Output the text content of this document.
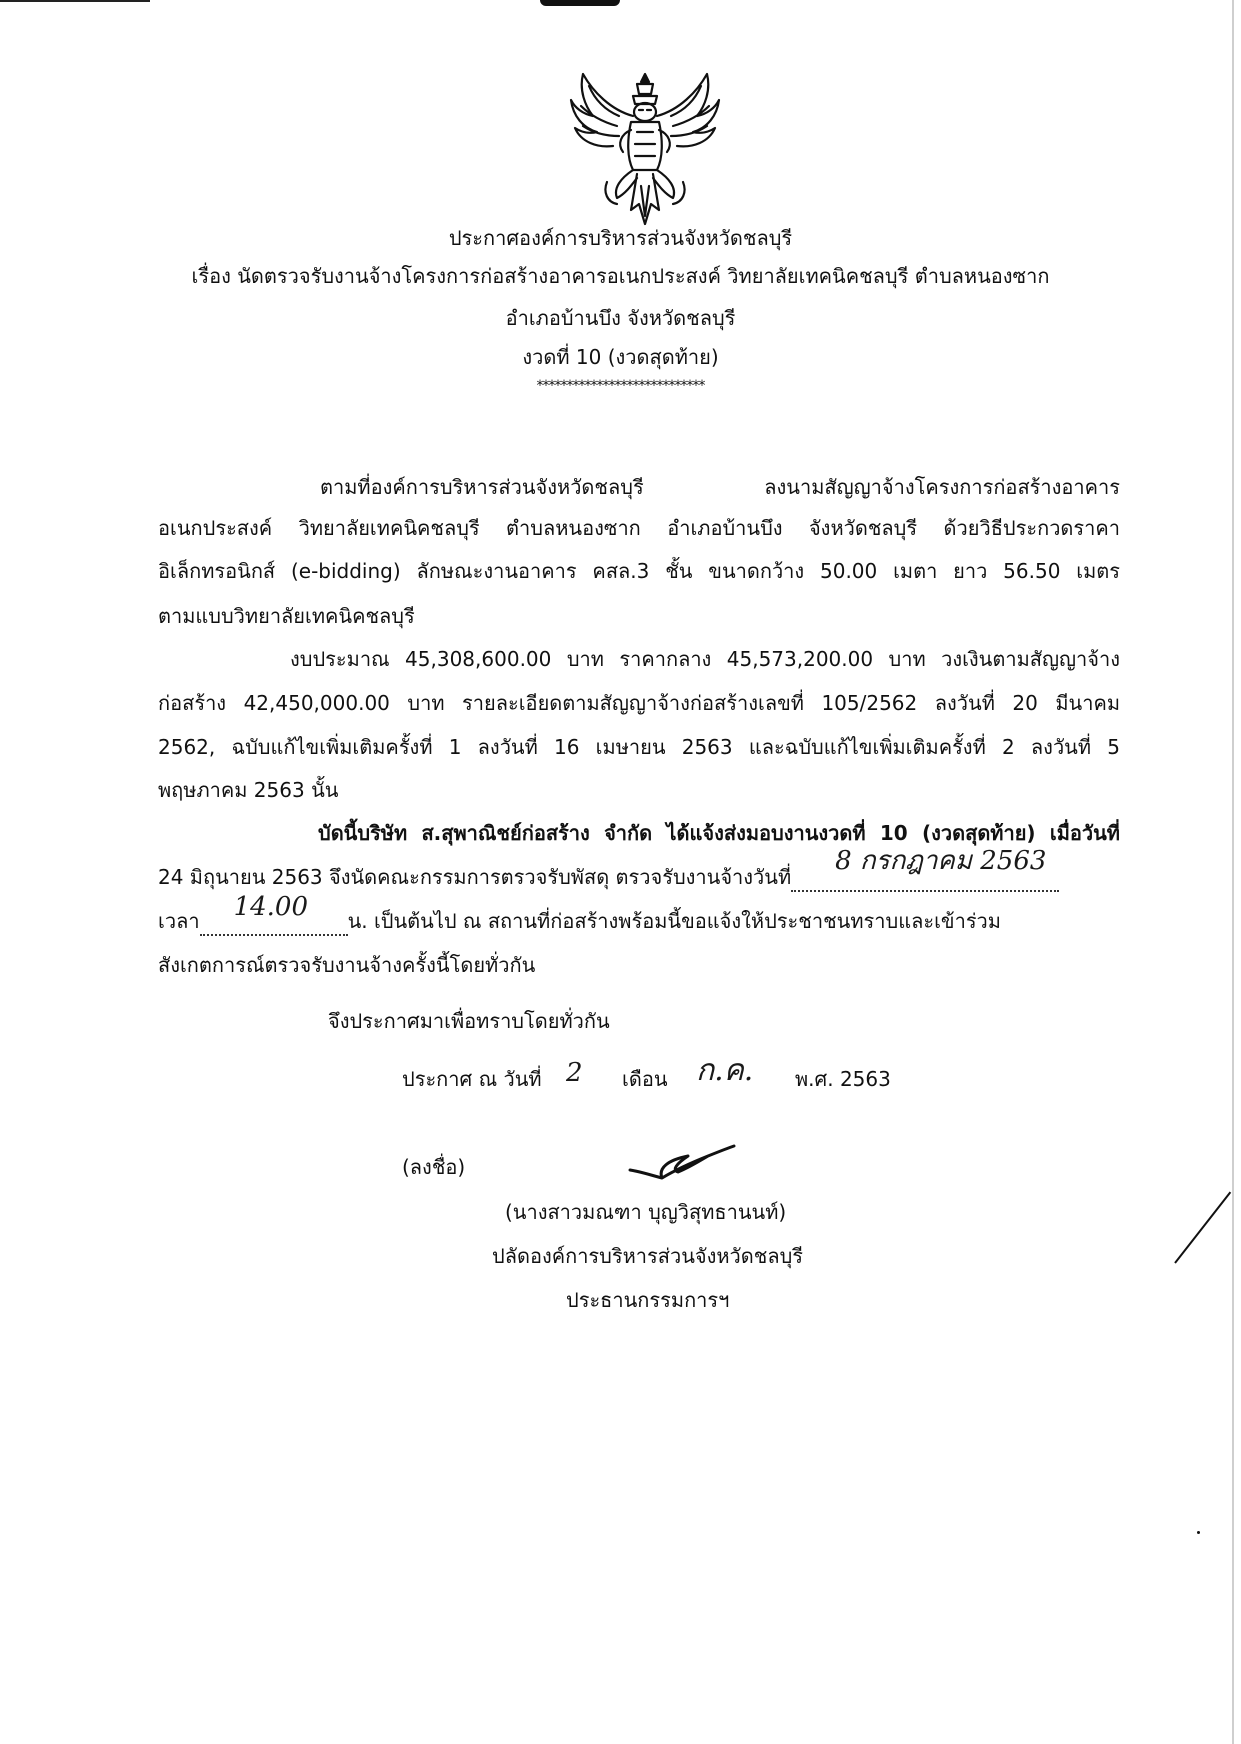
ประกาศองค์การบริหารส่วนจังหวัดชลบุรี
เรื่อง นัดตรวจรับงานจ้างโครงการก่อสร้างอาคารอเนกประสงค์ วิทยาลัยเทคนิคชลบุรี ตำบลหนองซาก
อำเภอบ้านบึง จังหวัดชลบุรี
งวดที่ 10 (งวดสุดท้าย)
****************************
ตามที่องค์การบริหารส่วนจังหวัดชลบุรี ลงนามสัญญาจ้างโครงการก่อสร้างอาคาร
อเนกประสงค์ วิทยาลัยเทคนิคชลบุรี ตำบลหนองซาก อำเภอบ้านบึง จังหวัดชลบุรี ด้วยวิธีประกวดราคา
อิเล็กทรอนิกส์ (e-bidding) ลักษณะงานอาคาร คสล.3 ชั้น ขนาดกว้าง 50.00 เมตา ยาว 56.50 เมตร
ตามแบบวิทยาลัยเทคนิคชลบุรี
งบประมาณ 45,308,600.00 บาท ราคากลาง 45,573,200.00 บาท วงเงินตามสัญญาจ้าง
ก่อสร้าง 42,450,000.00 บาท รายละเอียดตามสัญญาจ้างก่อสร้างเลขที่ 105/2562 ลงวันที่ 20 มีนาคม
2562, ฉบับแก้ไขเพิ่มเติมครั้งที่ 1 ลงวันที่ 16 เมษายน 2563 และฉบับแก้ไขเพิ่มเติมครั้งที่ 2 ลงวันที่ 5
พฤษภาคม 2563 นั้น
บัดนี้บริษัท ส.สุพาณิชย์ก่อสร้าง จำกัด ได้แจ้งส่งมอบงานงวดที่ 10 (งวดสุดท้าย) เมื่อวันที่
24 มิถุนายน 2563 จึงนัดคณะกรรมการตรวจรับพัสดุ ตรวจรับงานจ้างวันที่
8 กรกฎาคม 2563

เวลา 14.00 น. เป็นต้นไป ณ สถานที่ก่อสร้างพร้อมนี้ขอแจ้งให้ประชาชนทราบและเข้าร่วม
สังเกตการณ์ตรวจรับงานจ้างครั้งนี้โดยทั่วกัน
จึงประกาศมาเพื่อทราบโดยทั่วกัน
ประกาศ ณ วันที่ 2 เดือน ก.ค. พ.ศ. 2563
(ลงชื่อ)
(นางสาวมณฑา บุญวิสุทธานนท์)
ปลัดองค์การบริหารส่วนจังหวัดชลบุรี
ประธานกรรมการฯ
